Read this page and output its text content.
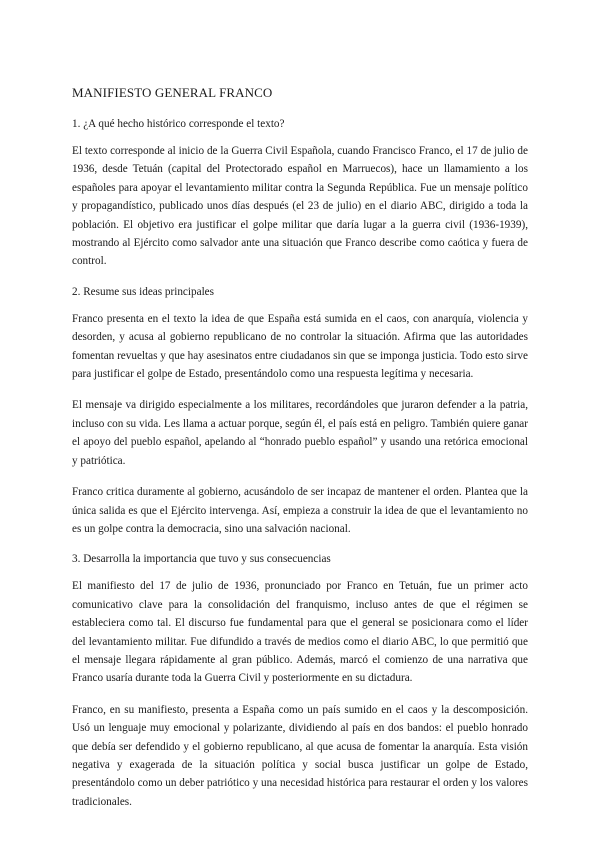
MANIFIESTO GENERAL FRANCO
1. ¿A qué hecho histórico corresponde el texto?

El texto corresponde al inicio de la Guerra Civil Española, cuando Francisco Franco, el 17 de julio de 1936, desde Tetuán (capital del Protectorado español en Marruecos), hace un llamamiento a los españoles para apoyar el levantamiento militar contra la Segunda República. Fue un mensaje político y propagandístico, publicado unos días después (el 23 de julio) en el diario ABC, dirigido a toda la población. El objetivo era justificar el golpe militar que daría lugar a la guerra civil (1936-1939), mostrando al Ejército como salvador ante una situación que Franco describe como caótica y fuera de control.

2. Resume sus ideas principales

Franco presenta en el texto la idea de que España está sumida en el caos, con anarquía, violencia y desorden, y acusa al gobierno republicano de no controlar la situación. Afirma que las autoridades fomentan revueltas y que hay asesinatos entre ciudadanos sin que se imponga justicia. Todo esto sirve para justificar el golpe de Estado, presentándolo como una respuesta legítima y necesaria.

El mensaje va dirigido especialmente a los militares, recordándoles que juraron defender a la patria, incluso con su vida. Les llama a actuar porque, según él, el país está en peligro. También quiere ganar el apoyo del pueblo español, apelando al “honrado pueblo español” y usando una retórica emocional y patriótica.

Franco critica duramente al gobierno, acusándolo de ser incapaz de mantener el orden. Plantea que la única salida es que el Ejército intervenga. Así, empieza a construir la idea de que el levantamiento no es un golpe contra la democracia, sino una salvación nacional.

3. Desarrolla la importancia que tuvo y sus consecuencias

El manifiesto del 17 de julio de 1936, pronunciado por Franco en Tetuán, fue un primer acto comunicativo clave para la consolidación del franquismo, incluso antes de que el régimen se estableciera como tal. El discurso fue fundamental para que el general se posicionara como el líder del levantamiento militar. Fue difundido a través de medios como el diario ABC, lo que permitió que el mensaje llegara rápidamente al gran público. Además, marcó el comienzo de una narrativa que Franco usaría durante toda la Guerra Civil y posteriormente en su dictadura.

Franco, en su manifiesto, presenta a España como un país sumido en el caos y la descomposición. Usó un lenguaje muy emocional y polarizante, dividiendo al país en dos bandos: el pueblo honrado que debía ser defendido y el gobierno republicano, al que acusa de fomentar la anarquía. Esta visión negativa y exagerada de la situación política y social busca justificar un golpe de Estado, presentándolo como un deber patriótico y una necesidad histórica para restaurar el orden y los valores tradicionales.
